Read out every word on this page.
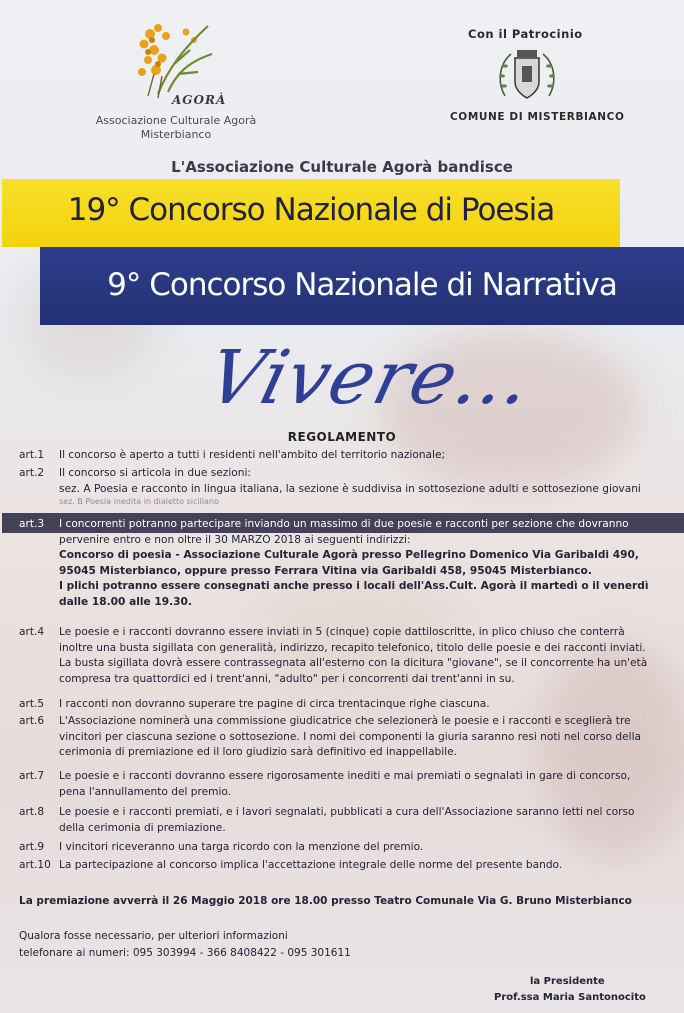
AGORÀ
Associazione Culturale Agorà
Misterbianco
Con il Patrocinio
COMUNE DI MISTERBIANCO
L'Associazione Culturale Agorà bandisce
19° Concorso Nazionale di Poesia
9° Concorso Nazionale di Narrativa
Vivere...
REGOLAMENTO
art.1 Il concorso è aperto a tutti i residenti nell'ambito del territorio nazionale;
art.2 Il concorso si articola in due sezioni:
sez. A Poesia e racconto in lingua italiana, la sezione è suddivisa in sottosezione adulti e sottosezione giovani
sez. B Poesia inedita in dialetto siciliano
art.3 I concorrenti potranno partecipare inviando un massimo di due poesie e racconti per sezione che dovranno
pervenire entro e non oltre il 30 MARZO 2018 ai seguenti indirizzi:
Concorso di poesia - Associazione Culturale Agorà presso Pellegrino Domenico Via Garibaldi 490,
95045 Misterbianco, oppure presso Ferrara Vitina via Garibaldi 458, 95045 Misterbianco.
I plichi potranno essere consegnati anche presso i locali dell'Ass.Cult. Agorà il martedì o il venerdì
dalle 18.00 alle 19.30.
art.4 Le poesie e i racconti dovranno essere inviati in 5 (cinque) copie dattiloscritte, in plico chiuso che conterrà
inoltre una busta sigillata con generalità, indirizzo, recapito telefonico, titolo delle poesie e dei racconti inviati.
La busta sigillata dovrà essere contrassegnata all'esterno con la dicitura "giovane", se il concorrente ha un'età
compresa tra quattordici ed i trent'anni, "adulto" per i concorrenti dai trent'anni in su.
art.5 I racconti non dovranno superare tre pagine di circa trentacinque righe ciascuna.
art.6 L'Associazione nominerà una commissione giudicatrice che selezionerà le poesie e i racconti e sceglierà tre
vincitori per ciascuna sezione o sottosezione. I nomi dei componenti la giuria saranno resi noti nel corso della
cerimonia di premiazione ed il loro giudizio sarà definitivo ed inappellabile.
art.7 Le poesie e i racconti dovranno essere rigorosamente inediti e mai premiati o segnalati in gare di concorso,
pena l'annullamento del premio.
art.8 Le poesie e i racconti premiati, e i lavori segnalati, pubblicati a cura dell'Associazione saranno letti nel corso
della cerimonia di premiazione.
art.9 I vincitori riceveranno una targa ricordo con la menzione del premio.
art.10 La partecipazione al concorso implica l'accettazione integrale delle norme del presente bando.
La premiazione avverrà il 26 Maggio 2018 ore 18.00 presso Teatro Comunale Via G. Bruno Misterbianco
Qualora fosse necessario, per ulteriori informazioni
telefonare ai numeri: 095 303994 - 366 8408422 - 095 301611
la Presidente
Prof.ssa Maria Santonocito
